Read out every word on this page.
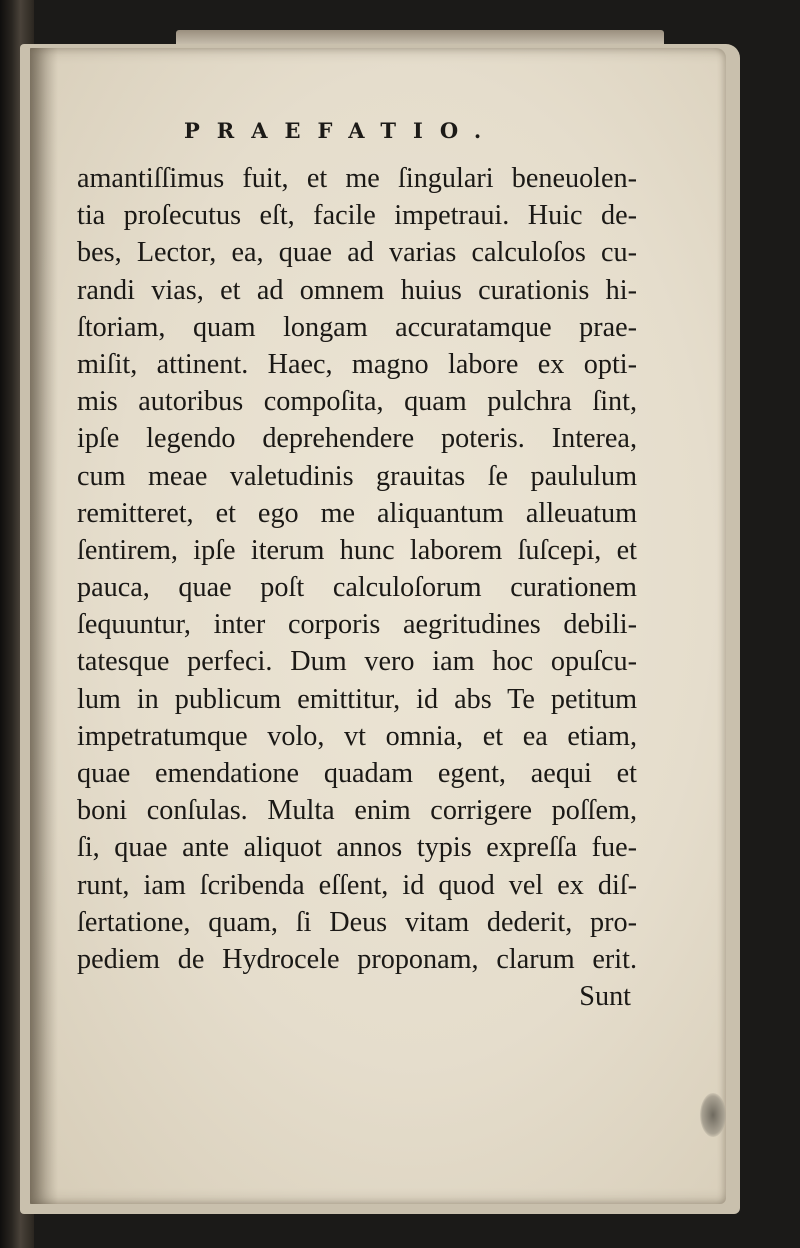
PRAEFATIO.
amantiſſimus fuit, et me ſingulari beneuolen-
tia proſecutus eſt, facile impetraui. Huic de-
bes, Lector, ea, quae ad varias calculoſos cu-
randi vias, et ad omnem huius curationis hi-
ſtoriam, quam longam accuratamque prae-
miſit, attinent. Haec, magno labore ex opti-
mis autoribus compoſita, quam pulchra ſint,
ipſe legendo deprehendere poteris. Interea,
cum meae valetudinis grauitas ſe paululum
remitteret, et ego me aliquantum alleuatum
ſentirem, ipſe iterum hunc laborem ſuſcepi, et
pauca, quae poſt calculoſorum curationem
ſequuntur, inter corporis aegritudines debili-
tatesque perfeci. Dum vero iam hoc opuſcu-
lum in publicum emittitur, id abs Te petitum
impetratumque volo, vt omnia, et ea etiam,
quae emendatione quadam egent, aequi et
boni conſulas. Multa enim corrigere poſſem,
ſi, quae ante aliquot annos typis expreſſa fue-
runt, iam ſcribenda eſſent, id quod vel ex diſ-
ſertatione, quam, ſi Deus vitam dederit, pro-
pediem de Hydrocele proponam, clarum erit.
Sunt
